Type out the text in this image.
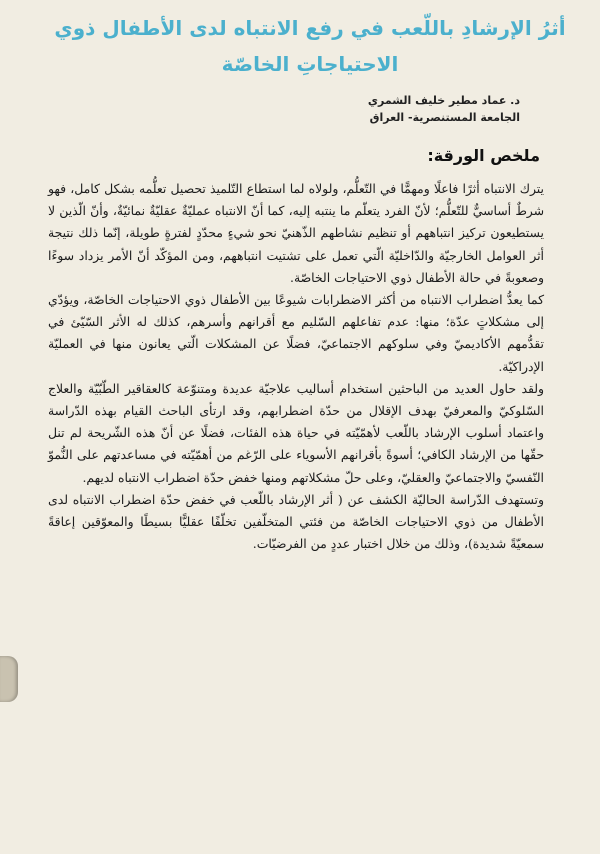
أثرُ الإرشادِ باللّعب في رفع الانتباه لدى الأطفال ذوي
الاحتياجاتِ الخاصّة
د. عماد مطير خليف الشمري
الجامعة المستنصرية- العراق
ملخص الورقة:

يترك الانتباه أثرًا فاعلًا ومهمًّا في التّعلُّم، ولولاه لما استطاع التّلميذ تحصيل تعلُّمه بشكل كامل، فهو شرطٌ أساسيٌّ للتّعلُّم؛ لأنّ الفرد يتعلّم ما ينتبه إليه، كما أنّ الانتباه عمليّةٌ عقليّةٌ نمائيّةٌ، وأنّ الّذين لا يستطيعون تركيز انتباههم أو تنظيم نشاطهم الذّهنيّ نحو شيءٍ محدّدٍ لفترةٍ طويلة، إنّما ذلك نتيجة أثر العوامل الخارجيّة والدّاخليّة الّتي تعمل على تشتيت انتباههم، ومن المؤكّد أنّ الأمر يزداد سوءًا وصعوبةً في حالة الأطفال ذوي الاحتياجات الخاصّة.

كما يعدُّ اضطراب الانتباه من أكثر الاضطرابات شيوعًا بين الأطفال ذوي الاحتياجات الخاصّة، ويؤدّي إلى مشكلاتٍ عدّة؛ منها: عدم تفاعلهم السّليم مع أقرانهم وأسرهم، كذلك له الأثر السّيّئ في تقدُّمهم الأكاديميّ وفي سلوكهم الاجتماعيّ، فضلًا عن المشكلات الّتي يعانون منها في العمليّة الإدراكيّة.

ولقد حاول العديد من الباحثين استخدام أساليب علاجيّة عديدة ومتنوّعة كالعقاقير الطّبّيّة والعلاج السّلوكيّ والمعرفيّ بهدف الإقلال من حدّة اضطرابهم، وقد ارتأى الباحث القيام بهذه الدّراسة واعتماد أسلوب الإرشاد باللّعب لأهمّيّته في حياة هذه الفئات، فضلًا عن أنّ هذه الشّريحة لم تنل حقّها من الإرشاد الكافي؛ أسوةً بأقرانهم الأسوياء على الرّغم من أهمّيّته في مساعدتهم على النُّموّ النّفسيّ والاجتماعيّ والعقليّ، وعلى حلّ مشكلاتهم ومنها خفض حدّة اضطراب الانتباه لديهم.

وتستهدف الدّراسة الحاليّة الكشف عن ( أثر الإرشاد باللّعب في خفض حدّة اضطراب الانتباه لدى الأطفال من ذوي الاحتياجات الخاصّة من فئتي المتخلّفين تخلّفًا عقليًّا بسيطًا والمعوّقين إعاقةً سمعيّةً شديدة)، وذلك من خلال اختبار عددٍ من الفرضيّات.
